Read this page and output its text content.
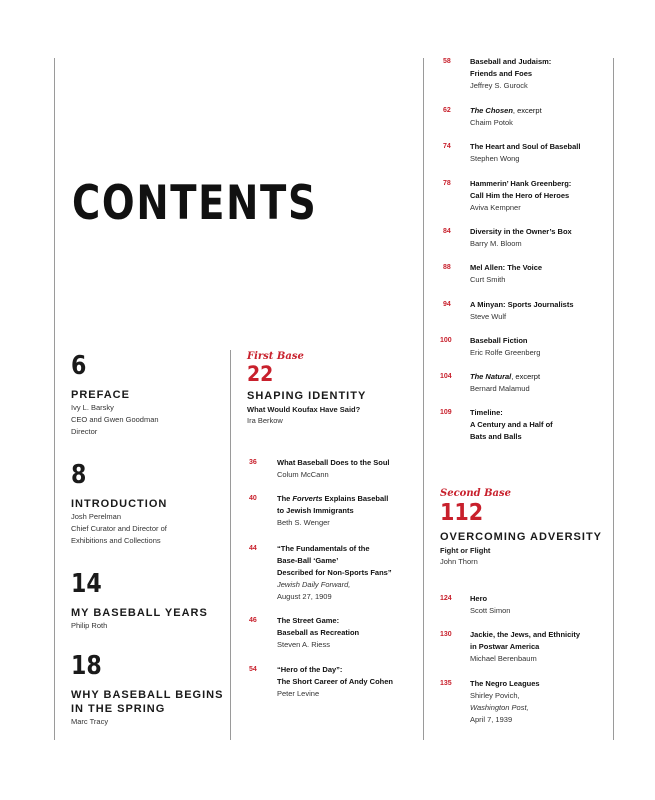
CONTENTS
6
PREFACE
Ivy L. Barsky
CEO and Gwen Goodman
Director
8
INTRODUCTION
Josh Perelman
Chief Curator and Director of
Exhibitions and Collections
14
MY BASEBALL YEARS
Philip Roth
18
WHY BASEBALL BEGINS
IN THE SPRING
Marc Tracy
First Base
22
SHAPING IDENTITY
What Would Koufax Have Said?
Ira Berkow
36	What Baseball Does to the Soul
Colum McCann
40	The Forverts Explains Baseball
to Jewish Immigrants
Beth S. Wenger
44	“The Fundamentals of the
Base-Ball ‘Game’
Described for Non-Sports Fans”
Jewish Daily Forward,
August 27, 1909
46	The Street Game:
Baseball as Recreation
Steven A. Riess
54	“Hero of the Day”:
The Short Career of Andy Cohen
Peter Levine
58	Baseball and Judaism:
Friends and Foes
Jeffrey S. Gurock
62	The Chosen, excerpt
Chaim Potok
74	The Heart and Soul of Baseball
Stephen Wong
78	Hammerin’ Hank Greenberg:
Call Him the Hero of Heroes
Aviva Kempner
84	Diversity in the Owner’s Box
Barry M. Bloom
88	Mel Allen: The Voice
Curt Smith
94	A Minyan: Sports Journalists
Steve Wulf
100 Baseball Fiction
Eric Rolfe Greenberg
104 The Natural, excerpt
Bernard Malamud
109 Timeline:
A Century and a Half of
Bats and Balls
Second Base
112
OVERCOMING ADVERSITY
Fight or Flight
John Thorn
124 Hero
Scott Simon
130 Jackie, the Jews, and Ethnicity
in Postwar America
Michael Berenbaum
135 The Negro Leagues
Shirley Povich,
Washington Post,
April 7, 1939
